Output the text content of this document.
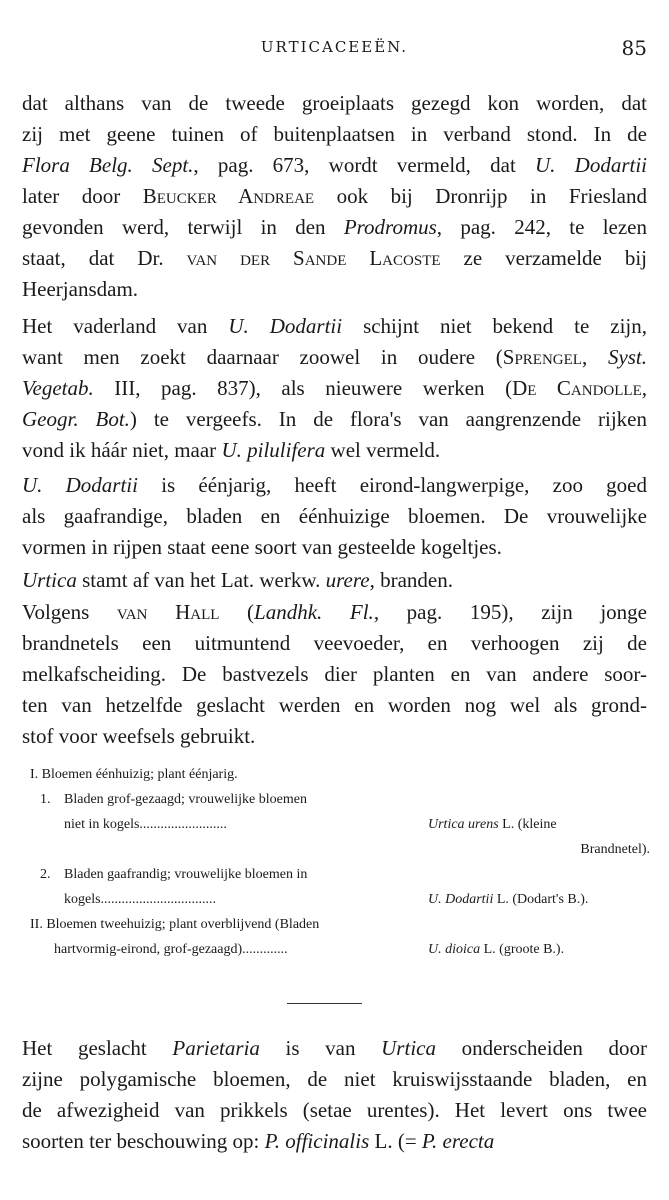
URTICACEEËN.	85

dat althans van de tweede groeiplaats gezegd kon worden, dat
zij met geene tuinen of buitenplaatsen in verband stond. In de
Flora Belg. Sept., pag. 673, wordt vermeld, dat U. Dodartii
later door Beucker Andreae ook bij Dronrijp in Friesland
gevonden werd, terwijl in den Prodromus, pag. 242, te lezen
staat, dat Dr. van der Sande Lacoste ze verzamelde bij
Heerjansdam.

Het vaderland van U. Dodartii schijnt niet bekend te zijn,
want men zoekt daarnaar zoowel in oudere (Sprengel, Syst.
Vegetab. III, pag. 837), als nieuwere werken (De Candolle,
Geogr. Bot.) te vergeefs. In de flora's van aangrenzende rijken
vond ik háár niet, maar U. pilulifera wel vermeld.

U. Dodartii is éénjarig, heeft eirond-langwerpige, zoo goed
als gaafrandige, bladen en éénhuizige bloemen. De vrouwelijke
vormen in rijpen staat eene soort van gesteelde kogeltjes.

Urtica stamt af van het Lat. werkw. urere, branden.

Volgens van Hall (Landhk. Fl., pag. 195), zijn jonge
brandnetels een uitmuntend veevoeder, en verhoogen zij de
melkafscheiding. De bastvezels dier planten en van andere soor-
ten van hetzelfde geslacht werden en worden nog wel als grond-
stof voor weefsels gebruikt.

I. Bloemen éénhuizig; plant éénjarig.
1. Bladen grof-gezaagd; vrouwelijke bloemen
niet in kogels.........................	Urtica urens L. (kleine
Brandnetel).
2. Bladen gaafrandig; vrouwelijke bloemen in
kogels.................................	U. Dodartii L. (Dodart's B.).
II. Bloemen tweehuizig; plant overblijvend (Bladen
hartvormig-eirond, grof-gezaagd).............	U. dioica L. (groote B.).

Het geslacht Parietaria is van Urtica onderscheiden door
zijne polygamische bloemen, de niet kruiswijsstaande bladen, en
de afwezigheid van prikkels (setae urentes). Het levert ons twee
soorten ter beschouwing op: P. officinalis L. (= P. erecta
